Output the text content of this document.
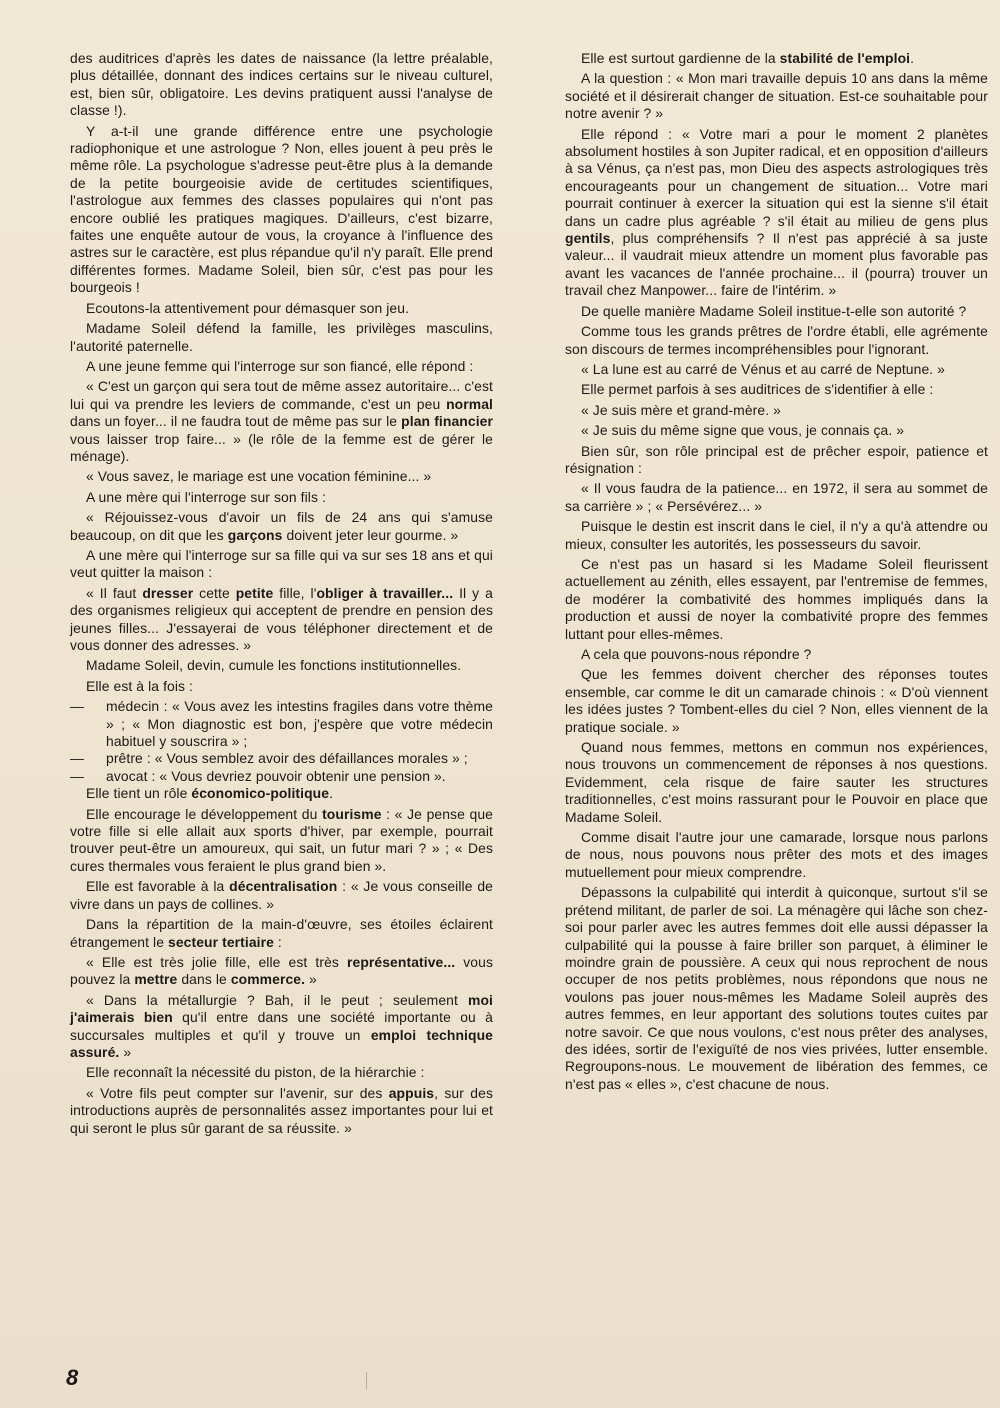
des auditrices d'après les dates de naissance (la lettre préalable, plus détaillée, donnant des indices certains sur le niveau culturel, est, bien sûr, obligatoire. Les devins pratiquent aussi l'analyse de classe !).

Y a-t-il une grande différence entre une psychologie radiophonique et une astrologue ? Non, elles jouent à peu près le même rôle. La psychologue s'adresse peut-être plus à la demande de la petite bourgeoisie avide de certitudes scientifiques, l'astrologue aux femmes des classes populaires qui n'ont pas encore oublié les pratiques magiques. D'ailleurs, c'est bizarre, faites une enquête autour de vous, la croyance à l'influence des astres sur le caractère, est plus répandue qu'il n'y paraît. Elle prend différentes formes. Madame Soleil, bien sûr, c'est pas pour les bourgeois !

Ecoutons-la attentivement pour démasquer son jeu.

Madame Soleil défend la famille, les privilèges masculins, l'autorité paternelle.

A une jeune femme qui l'interroge sur son fiancé, elle répond :

« C'est un garçon qui sera tout de même assez autoritaire... c'est lui qui va prendre les leviers de commande, c'est un peu normal dans un foyer... il ne faudra tout de même pas sur le plan financier vous laisser trop faire... » (le rôle de la femme est de gérer le ménage).

« Vous savez, le mariage est une vocation féminine... »

A une mère qui l'interroge sur son fils :

« Réjouissez-vous d'avoir un fils de 24 ans qui s'amuse beaucoup, on dit que les garçons doivent jeter leur gourme. »

A une mère qui l'interroge sur sa fille qui va sur ses 18 ans et qui veut quitter la maison :

« Il faut dresser cette petite fille, l'obliger à travailler... Il y a des organismes religieux qui acceptent de prendre en pension des jeunes filles... J'essayerai de vous téléphoner directement et de vous donner des adresses. »

Madame Soleil, devin, cumule les fonctions institutionnelles.

Elle est à la fois :

— médecin : « Vous avez les intestins fragiles dans votre thème » ; « Mon diagnostic est bon, j'espère que votre médecin habituel y souscrira » ;

— prêtre : « Vous semblez avoir des défaillances morales » ;

— avocat : « Vous devriez pouvoir obtenir une pension ».

Elle tient un rôle économico-politique.

Elle encourage le développement du tourisme : « Je pense que votre fille si elle allait aux sports d'hiver, par exemple, pourrait trouver peut-être un amoureux, qui sait, un futur mari ? » ; « Des cures thermales vous feraient le plus grand bien ».

Elle est favorable à la décentralisation : « Je vous conseille de vivre dans un pays de collines. »

Dans la répartition de la main-d'œuvre, ses étoiles éclairent étrangement le secteur tertiaire :

« Elle est très jolie fille, elle est très représentative... vous pouvez la mettre dans le commerce. »

« Dans la métallurgie ? Bah, il le peut ; seulement moi j'aimerais bien qu'il entre dans une société importante ou à succursales multiples et qu'il y trouve un emploi technique assuré. »

Elle reconnaît la nécessité du piston, de la hiérarchie :

« Votre fils peut compter sur l'avenir, sur des appuis, sur des introductions auprès de personnalités assez importantes pour lui et qui seront le plus sûr garant de sa réussite. »

Elle est surtout gardienne de la stabilité de l'emploi.

A la question : « Mon mari travaille depuis 10 ans dans la même société et il désirerait changer de situation. Est-ce souhaitable pour notre avenir ? »

Elle répond : « Votre mari a pour le moment 2 planètes absolument hostiles à son Jupiter radical, et en opposition d'ailleurs à sa Vénus, ça n'est pas, mon Dieu des aspects astrologiques très encourageants pour un changement de situation... Votre mari pourrait continuer à exercer la situation qui est la sienne s'il était dans un cadre plus agréable ? s'il était au milieu de gens plus gentils, plus compréhensifs ? Il n'est pas apprécié à sa juste valeur... il vaudrait mieux attendre un moment plus favorable pas avant les vacances de l'année prochaine... il (pourra) trouver un travail chez Manpower... faire de l'intérim. »

De quelle manière Madame Soleil institue-t-elle son autorité ?

Comme tous les grands prêtres de l'ordre établi, elle agrémente son discours de termes incompréhensibles pour l'ignorant.

« La lune est au carré de Vénus et au carré de Neptune. »

Elle permet parfois à ses auditrices de s'identifier à elle :

« Je suis mère et grand-mère. »

« Je suis du même signe que vous, je connais ça. »

Bien sûr, son rôle principal est de prêcher espoir, patience et résignation :

« Il vous faudra de la patience... en 1972, il sera au sommet de sa carrière » ; « Persévérez... »

Puisque le destin est inscrit dans le ciel, il n'y a qu'à attendre ou mieux, consulter les autorités, les possesseurs du savoir.

Ce n'est pas un hasard si les Madame Soleil fleurissent actuellement au zénith, elles essayent, par l'entremise de femmes, de modérer la combativité des hommes impliqués dans la production et aussi de noyer la combativité propre des femmes luttant pour elles-mêmes.

A cela que pouvons-nous répondre ?

Que les femmes doivent chercher des réponses toutes ensemble, car comme le dit un camarade chinois : « D'où viennent les idées justes ? Tombent-elles du ciel ? Non, elles viennent de la pratique sociale. »

Quand nous femmes, mettons en commun nos expériences, nous trouvons un commencement de réponses à nos questions. Evidemment, cela risque de faire sauter les structures traditionnelles, c'est moins rassurant pour le Pouvoir en place que Madame Soleil.

Comme disait l'autre jour une camarade, lorsque nous parlons de nous, nous pouvons nous prêter des mots et des images mutuellement pour mieux comprendre.

Dépassons la culpabilité qui interdit à quiconque, surtout s'il se prétend militant, de parler de soi. La ménagère qui lâche son chez-soi pour parler avec les autres femmes doit elle aussi dépasser la culpabilité qui la pousse à faire briller son parquet, à éliminer le moindre grain de poussière. A ceux qui nous reprochent de nous occuper de nos petits problèmes, nous répondons que nous ne voulons pas jouer nous-mêmes les Madame Soleil auprès des autres femmes, en leur apportant des solutions toutes cuites par notre savoir. Ce que nous voulons, c'est nous prêter des analyses, des idées, sortir de l'exiguïté de nos vies privées, lutter ensemble. Regroupons-nous. Le mouvement de libération des femmes, ce n'est pas « elles », c'est chacune de nous.

8
